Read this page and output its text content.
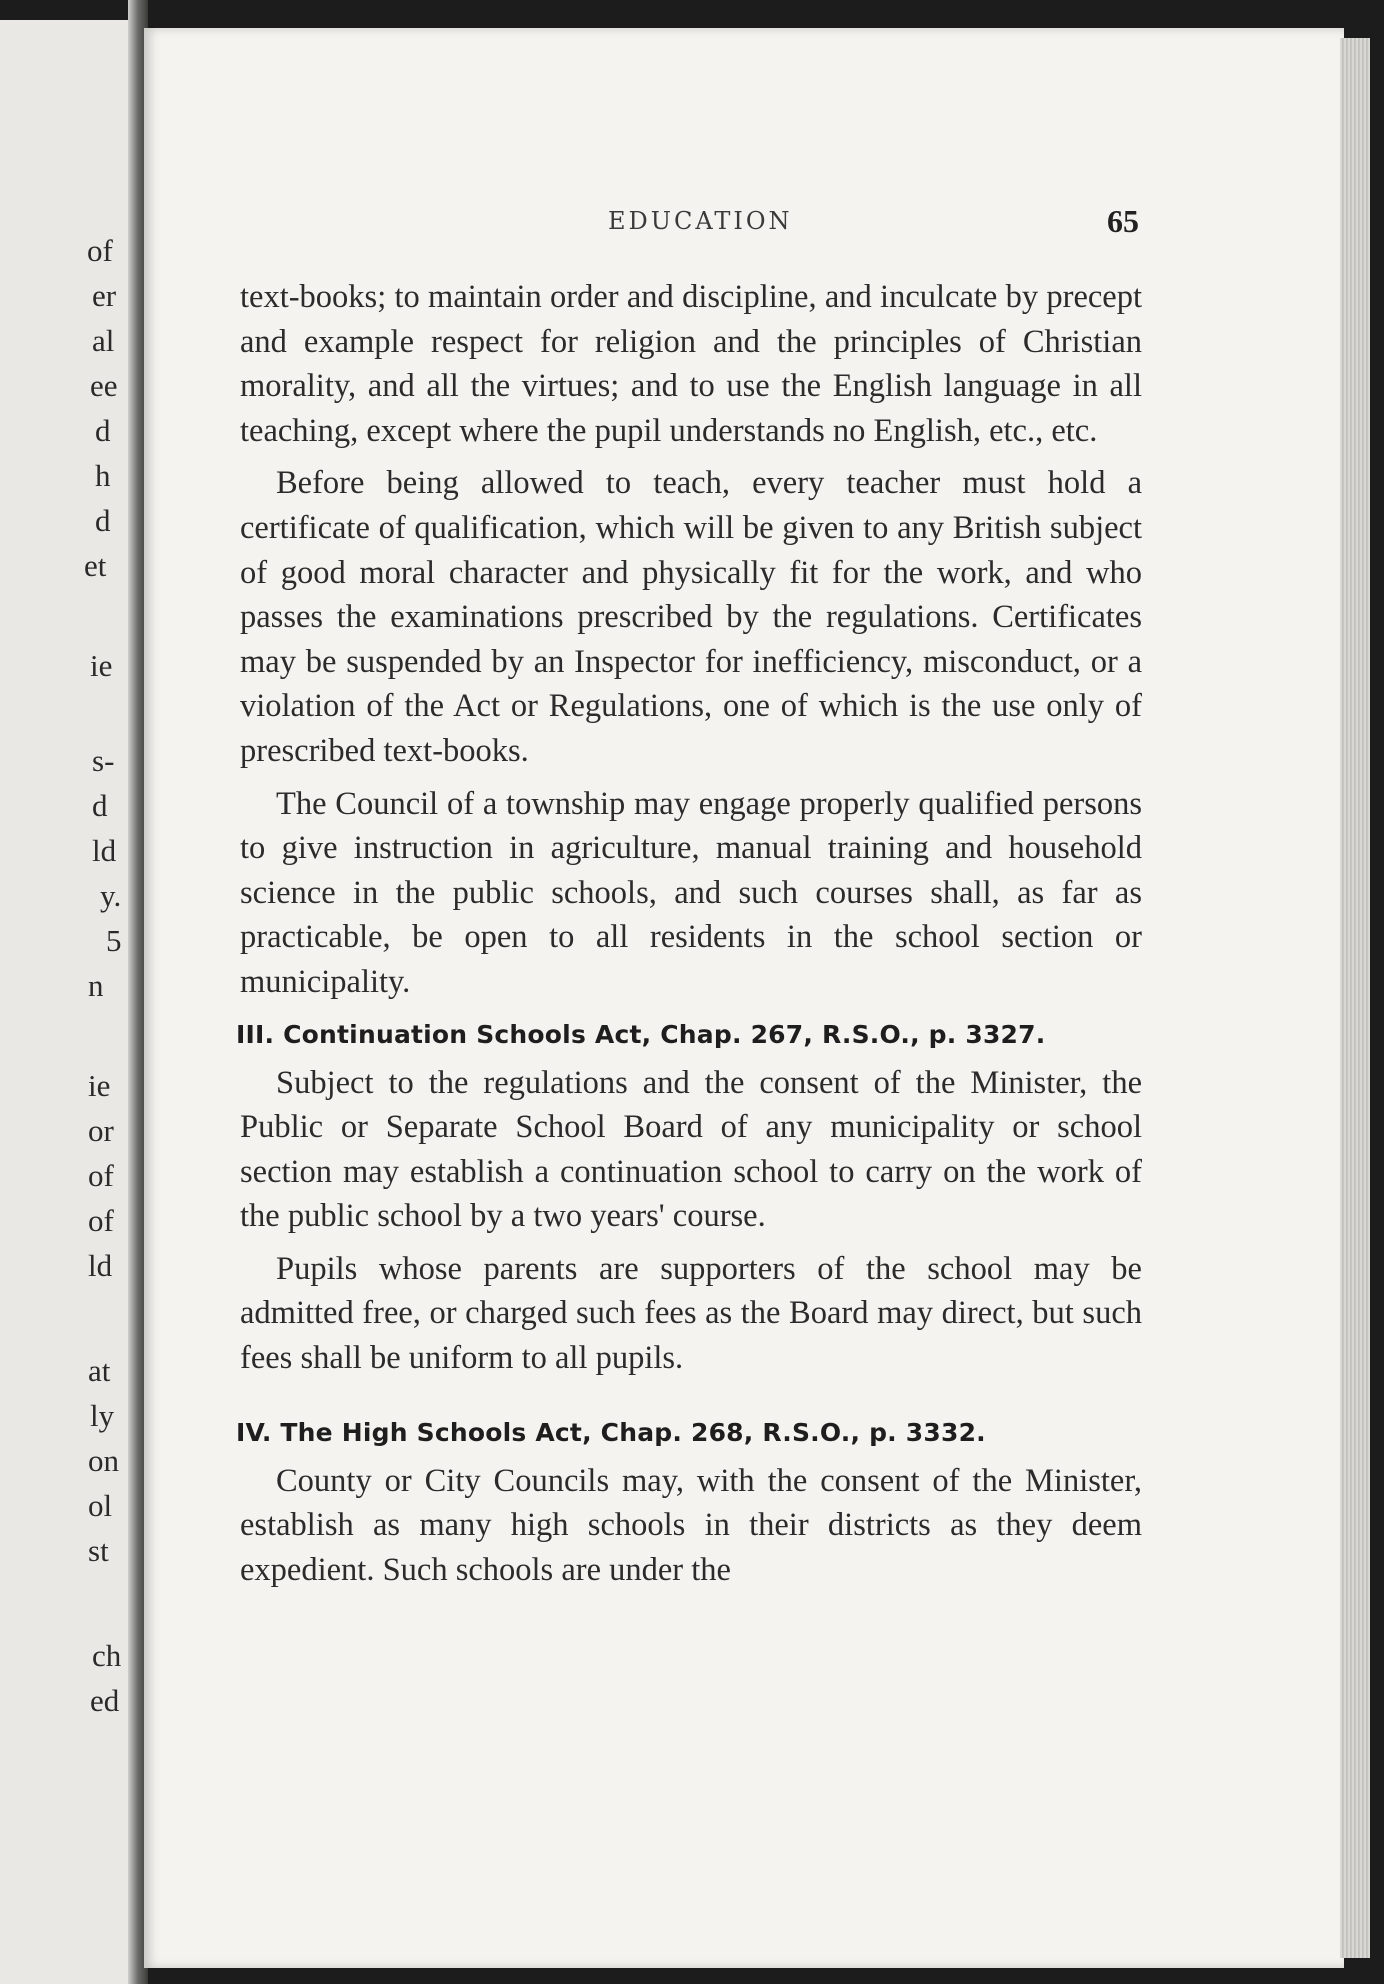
of
er
al
ee
d
h
d
et
ie
s-
d
ld
y.
5
n
ie
or
of
of
ld
at
ly
on
ol
st
ch
ed
EDUCATION	65

text-books; to maintain order and discipline, and inculcate by precept and example respect for religion and the principles of Christian morality, and all the virtues; and to use the English language in all teaching, except where the pupil understands no English, etc., etc.

Before being allowed to teach, every teacher must hold a certificate of qualification, which will be given to any British subject of good moral character and physically fit for the work, and who passes the examinations prescribed by the regulations. Certificates may be suspended by an Inspector for inefficiency, misconduct, or a violation of the Act or Regulations, one of which is the use only of prescribed text-books.

The Council of a township may engage properly qualified persons to give instruction in agriculture, manual training and household science in the public schools, and such courses shall, as far as practicable, be open to all residents in the school section or municipality.

III. Continuation Schools Act, Chap. 267, R.S.O., p. 3327.

Subject to the regulations and the consent of the Minister, the Public or Separate School Board of any municipality or school section may establish a continuation school to carry on the work of the public school by a two years' course.

Pupils whose parents are supporters of the school may be admitted free, or charged such fees as the Board may direct, but such fees shall be uniform to all pupils.

IV. The High Schools Act, Chap. 268, R.S.O., p. 3332.

County or City Councils may, with the consent of the Minister, establish as many high schools in their districts as they deem expedient. Such schools are under the
